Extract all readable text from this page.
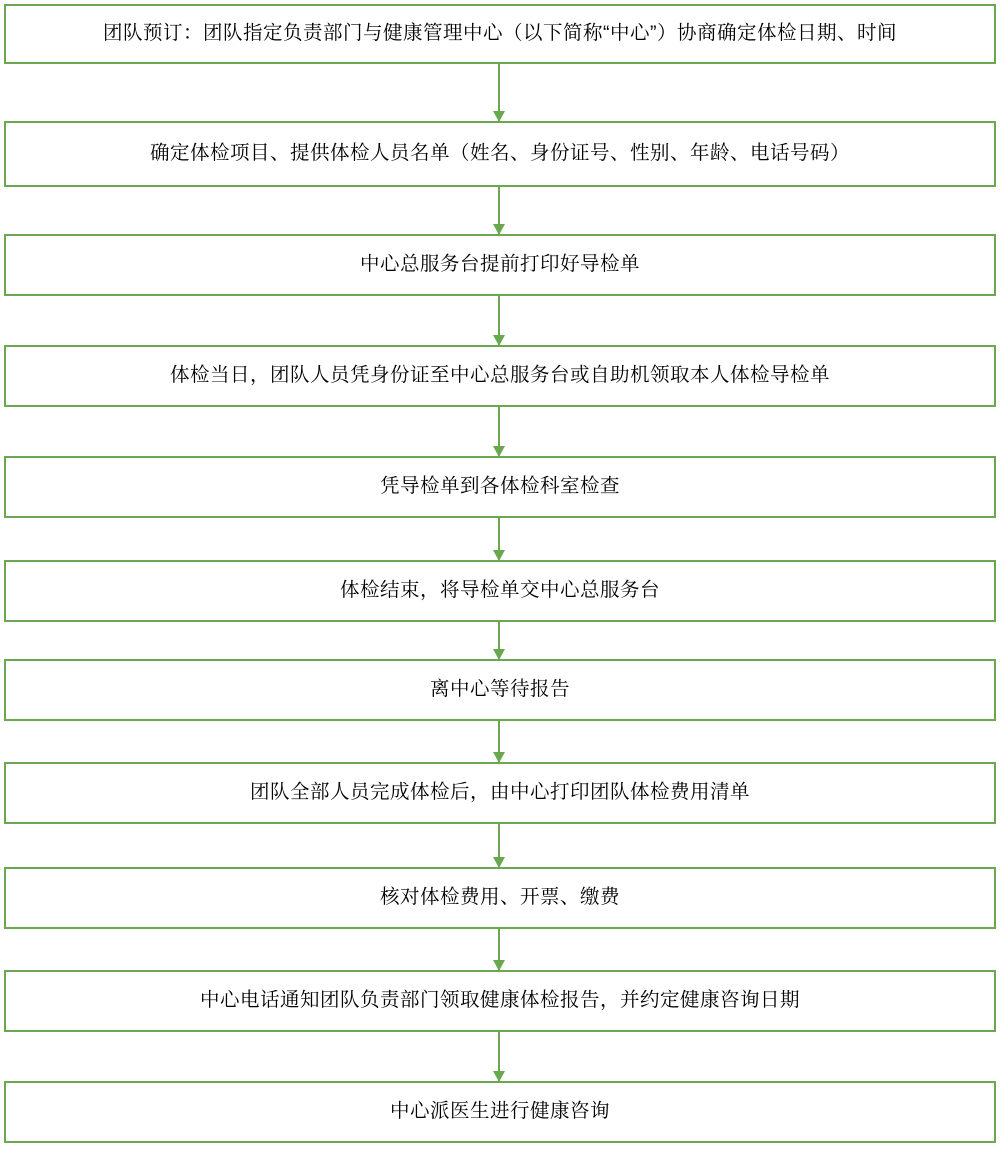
团队预订：团队指定负责部门与健康管理中心（以下简称“中心”）协商确定体检日期、时间
确定体检项目、提供体检人员名单（姓名、身份证号、性别、年龄、电话号码）
中心总服务台提前打印好导检单
体检当日，团队人员凭身份证至中心总服务台或自助机领取本人体检导检单
凭导检单到各体检科室检查
体检结束，将导检单交中心总服务台
离中心等待报告
团队全部人员完成体检后，由中心打印团队体检费用清单
核对体检费用、开票、缴费
中心电话通知团队负责部门领取健康体检报告，并约定健康咨询日期
中心派医生进行健康咨询
